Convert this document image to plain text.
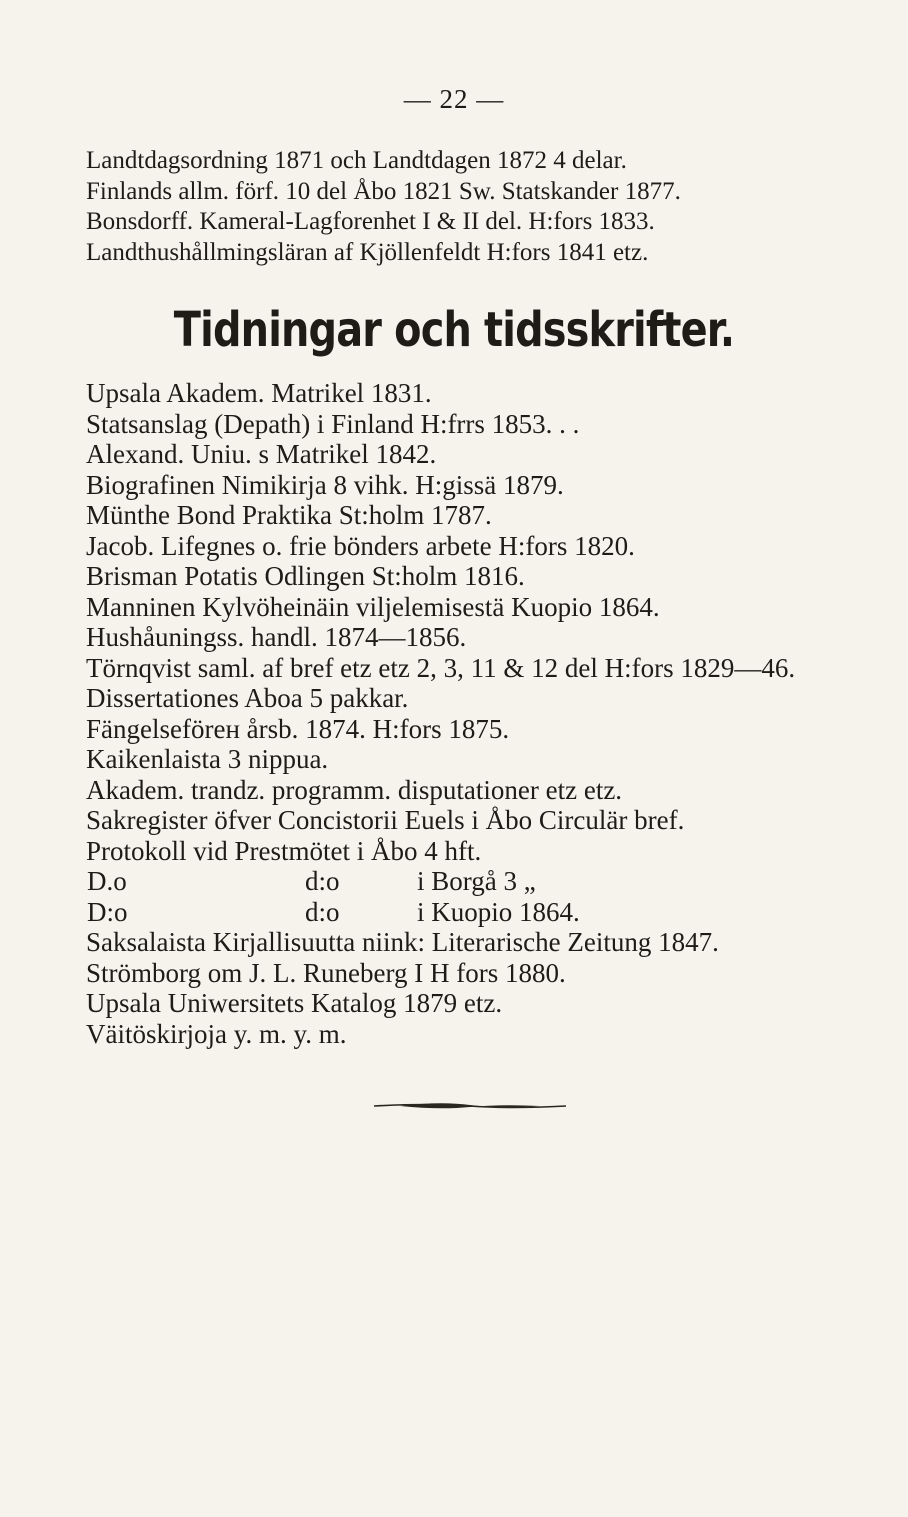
— 22 —
Landtdagsordning 1871 och Landtdagen 1872 4 delar.
Finlands allm. förf. 10 del Åbo 1821 Sw. Statskander 1877.
Bonsdorff. Kameral-Lagforenhet I & II del. H:fors 1833.
Landthushållmingsläran af Kjöllenfeldt H:fors 1841 etz.
Tidningar och tidsskrifter.
Upsala Akadem. Matrikel 1831.
Statsanslag (Depath) i Finland H:frrs 1853. . .
Alexand. Uniu. s Matrikel 1842.
Biografinen Nimikirja 8 vihk. H:gissä 1879.
Münthe Bond Praktika St:holm 1787.
Jacob. Lifegnes o. frie bönders arbete H:fors 1820.
Brisman Potatis Odlingen St:holm 1816.
Manninen Kylvöheinäin viljelemisestä Kuopio 1864.
Hushåuningss. handl. 1874—1856.
Törnqvist saml. af bref etz etz 2, 3, 11 & 12 del H:fors 1829—46.
Dissertationes Aboa 5 pakkar.
Fängelseförен årsb. 1874. H:fors 1875.
Kaikenlaista 3 nippua.
Akadem. trandz. programm. disputationer etz etz.
Sakregister öfver Concistorii Euels i Åbo Circulär bref.
Protokoll vid Prestmötet i Åbo 4 hft.
D.o	d:o	i Borgå 3 „
D:o	d:o	i Kuopio 1864.
Saksalaista Kirjallisuutta niink: Literarische Zeitung 1847.
Strömborg om J. L. Runeberg I H fors 1880.
Upsala Uniwersitets Katalog 1879 etz.
Väitöskirjoja y. m. y. m.
